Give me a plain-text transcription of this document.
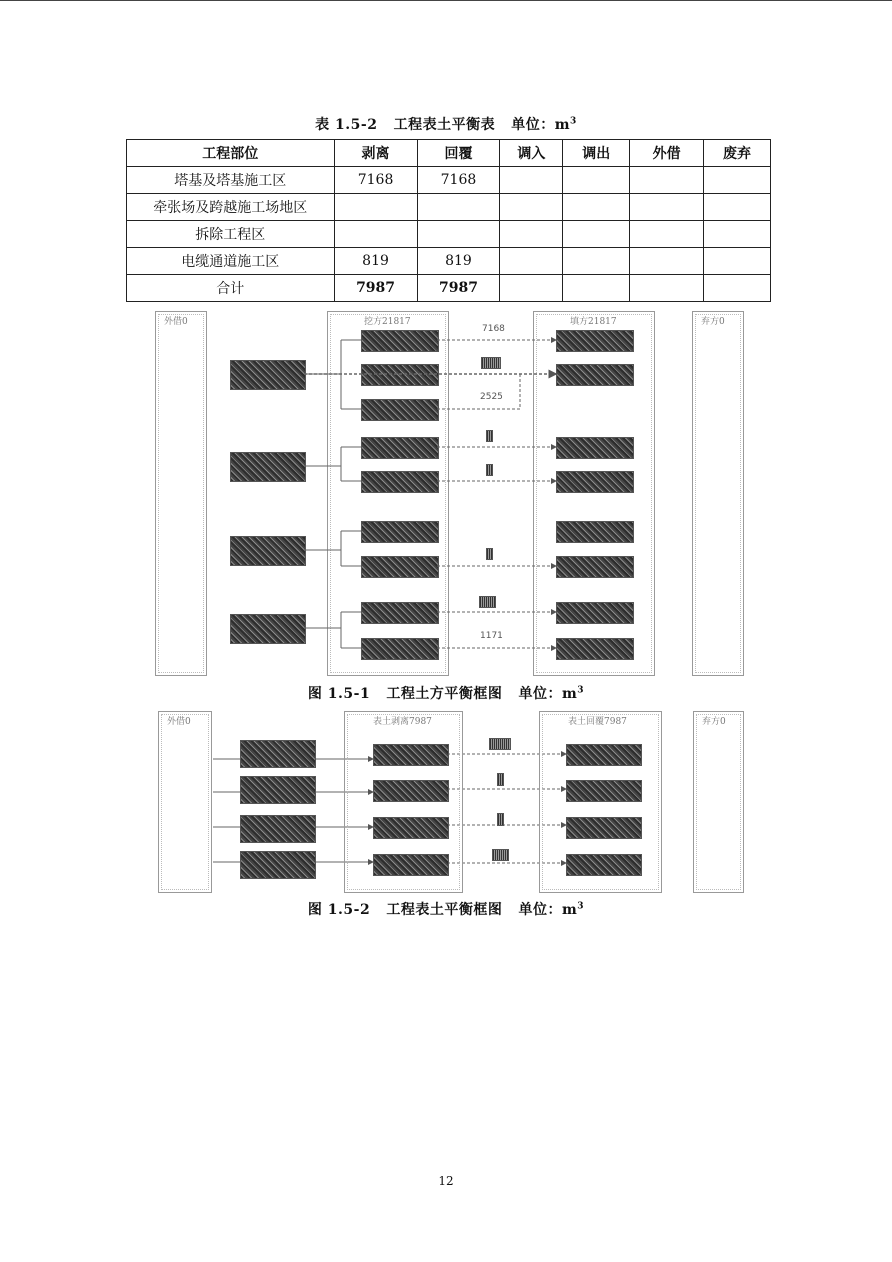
表 1.5-2 工程表土平衡表 单位：$m^3$
工程部位	剥离	回覆	调入	调出	外借	废弃
塔基及塔基施工区	7168	7168				
牵张场及跨越施工场地区						
拆除工程区						
电缆通道施工区	819	819				
合计	7987	7987				
外借0	挖方21817	填方21817	弃方0
7168
2525
1171
图 1.5-1 工程土方平衡框图 单位：$m^3$
外借0	表土剥离7987	表土回覆7987	弃方0
图 1.5-2 工程表土平衡框图 单位：$m^3$
12
